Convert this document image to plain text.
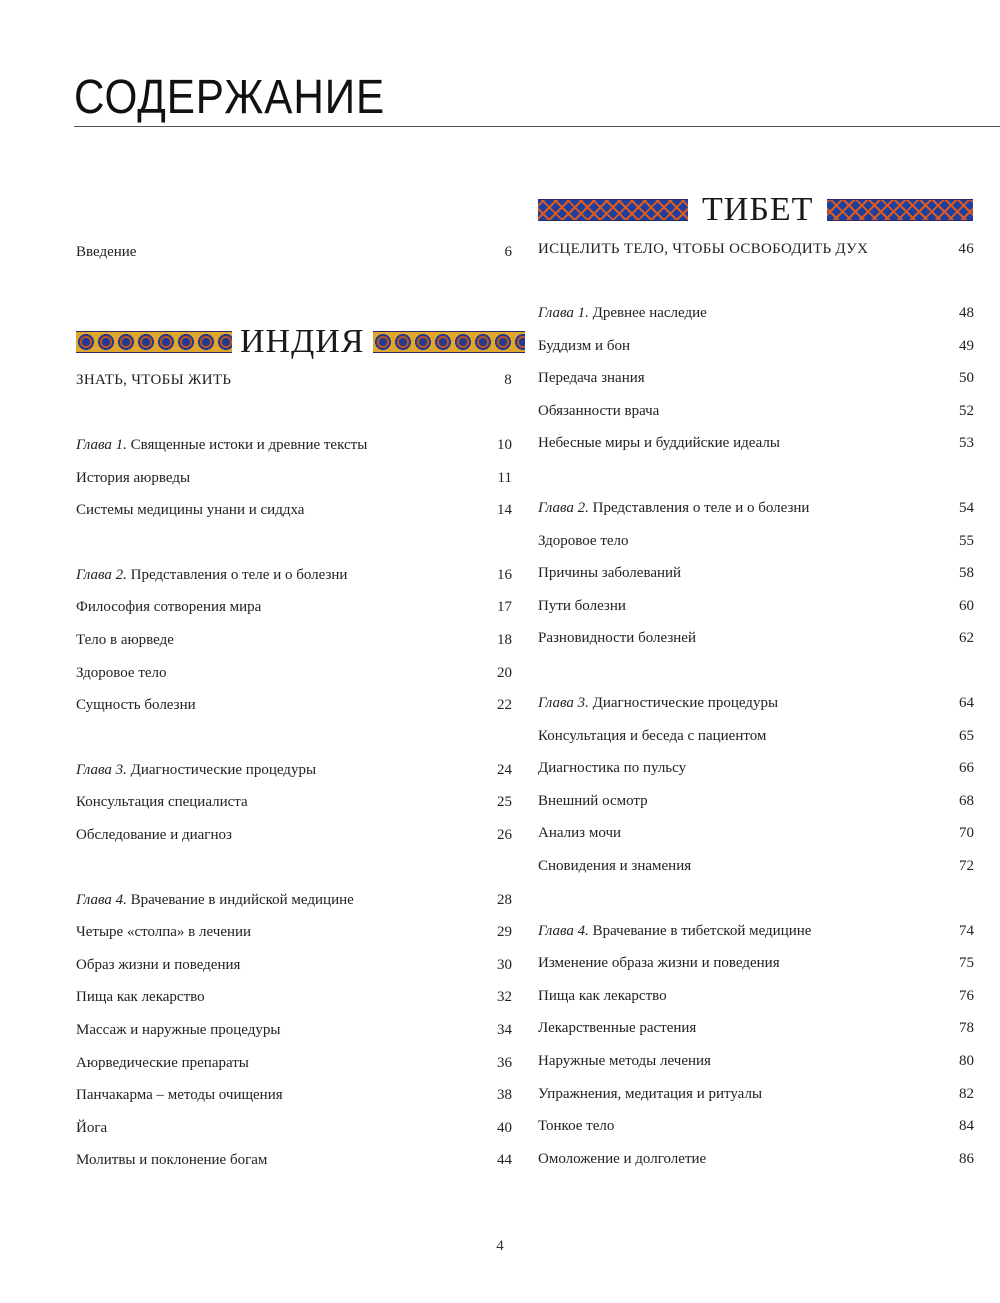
СОДЕРЖАНИЕ
Введение	6
ИНДИЯ
ЗНАТЬ, ЧТОБЫ ЖИТЬ	8
Глава 1. Священные истоки и древние тексты	10
История аюрведы	11
Системы медицины унани и сиддха	14
Глава 2. Представления о теле и о болезни	16
Философия сотворения мира	17
Тело в аюрведе	18
Здоровое тело	20
Сущность болезни	22
Глава 3. Диагностические процедуры	24
Консультация специалиста	25
Обследование и диагноз	26
Глава 4. Врачевание в индийской медицине	28
Четыре «столпа» в лечении	29
Образ жизни и поведения	30
Пища как лекарство	32
Массаж и наружные процедуры	34
Аюрведические препараты	36
Панчакарма – методы очищения	38
Йога	40
Молитвы и поклонение богам	44
ТИБЕТ
ИСЦЕЛИТЬ ТЕЛО, ЧТОБЫ ОСВОБОДИТЬ ДУХ	46
Глава 1. Древнее наследие	48
Буддизм и бон	49
Передача знания	50
Обязанности врача	52
Небесные миры и буддийские идеалы	53
Глава 2. Представления о теле и о болезни	54
Здоровое тело	55
Причины заболеваний	58
Пути болезни	60
Разновидности болезней	62
Глава 3. Диагностические процедуры	64
Консультация и беседа с пациентом	65
Диагностика по пульсу	66
Внешний осмотр	68
Анализ мочи	70
Сновидения и знамения	72
Глава 4. Врачевание в тибетской медицине	74
Изменение образа жизни и поведения	75
Пища как лекарство	76
Лекарственные растения	78
Наружные методы лечения	80
Упражнения, медитация и ритуалы	82
Тонкое тело	84
Омоложение и долголетие	86
4
